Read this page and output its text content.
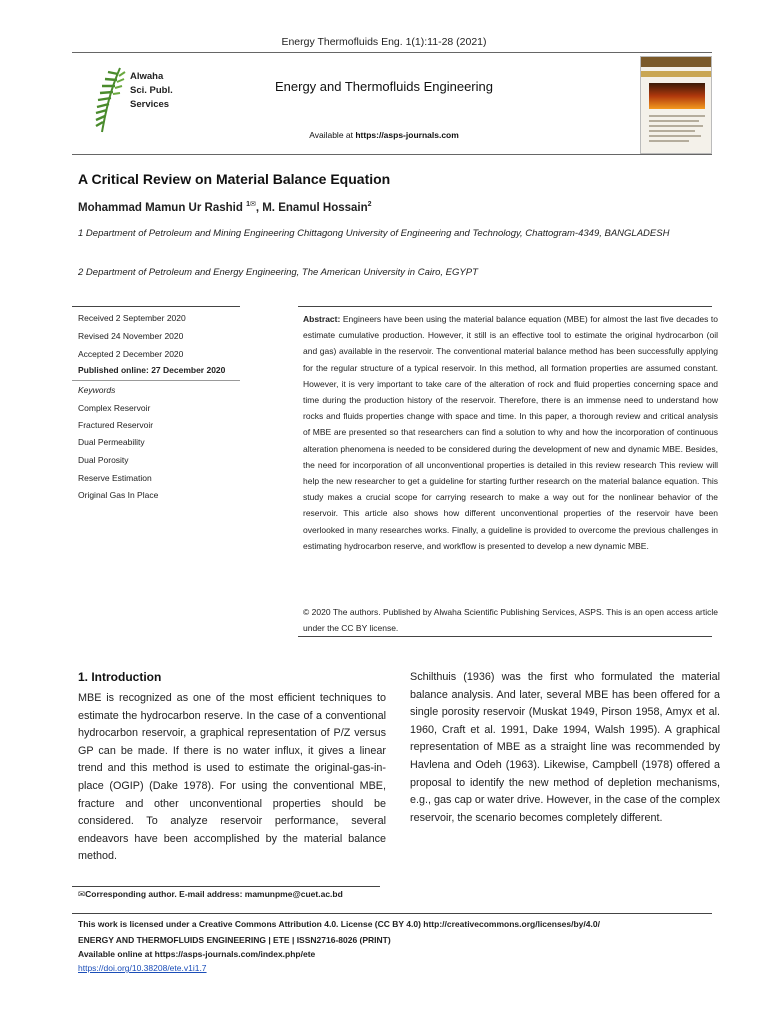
Energy Thermofluids Eng. 1(1):11-28 (2021)
Alwaha
Sci. Publ.
Services
Energy and Thermofluids Engineering
Available at https://asps-journals.com
A Critical Review on Material Balance Equation
Mohammad Mamun Ur Rashid $^{1✉}$, M. Enamul Hossain$^2$
1 Department of Petroleum and Mining Engineering Chittagong University of Engineering and Technology, Chattogram-4349, BANGLADESH
2 Department of Petroleum and Energy Engineering, The American University in Cairo, EGYPT
Received 2 September 2020
Revised 24 November 2020
Accepted 2 December 2020
Published online: 27 December 2020
Keywords
Complex Reservoir
Fractured Reservoir
Dual Permeability
Dual Porosity
Reserve Estimation
Original Gas In Place
Abstract: Engineers have been using the material balance equation (MBE) for almost the last five decades to estimate cumulative production. However, it still is an effective tool to estimate the original hydrocarbon (oil and gas) available in the reservoir. The conventional material balance method has been successfully applying for the regular structure of a typical reservoir. In this method, all formation properties are assumed constant. However, it is very important to take care of the alteration of rock and fluid properties concerning space and time during the production history of the reservoir. Therefore, there is an immense need to understand how rocks and fluids properties change with space and time. In this paper, a thorough review and critical analysis of MBE are presented so that researchers can find a solution to why and how the incorporation of continuous alteration phenomena is needed to be considered during the development of new and dynamic MBE. Besides, the need for incorporation of all unconventional properties is detailed in this review research This review will help the new researcher to get a guideline for starting further research on the material balance equation. This study makes a crucial scope for carrying research to make a way out for the nonlinear behavior of the reservoir. This article also shows how different unconventional properties of the reservoir have been overlooked in many researches works. Finally, a guideline is provided to overcome the previous challenges in estimating hydrocarbon reserve, and workflow is presented to develop a new dynamic MBE.
© 2020 The authors. Published by Alwaha Scientific Publishing Services, ASPS. This is an open access article under the CC BY license.
1. Introduction
MBE is recognized as one of the most efficient techniques to estimate the hydrocarbon reserve. In the case of a conventional hydrocarbon reservoir, a graphical representation of P/Z versus GP can be made. If there is no water influx, it gives a linear trend and this method is used to estimate the original-gas-in-place (OGIP) (Dake 1978). For using the conventional MBE, fracture and other unconventional properties should be considered. To analyze reservoir performance, several endeavors have been accomplished by the material balance method.
Schilthuis (1936) was the first who formulated the material balance analysis. And later, several MBE has been offered for a single porosity reservoir (Muskat 1949, Pirson 1958, Amyx et al. 1960, Craft et al. 1991, Dake 1994, Walsh 1995). A graphical representation of MBE as a straight line was recommended by Havlena and Odeh (1963). Likewise, Campbell (1978) offered a proposal to identify the new method of depletion mechanisms, e.g., gas cap or water drive. However, in the case of the complex reservoir, the scenario becomes completely different.
✉Corresponding author. E-mail address: mamunpme@cuet.ac.bd
This work is licensed under a Creative Commons Attribution 4.0. License (CC BY 4.0) http://creativecommons.org/licenses/by/4.0/
ENERGY AND THERMOFLUIDS ENGINEERING | ETE | ISSN2716-8026 (PRINT)
Available online at https://asps-journals.com/index.php/ete
https://doi.org/10.38208/ete.v1i1.7
